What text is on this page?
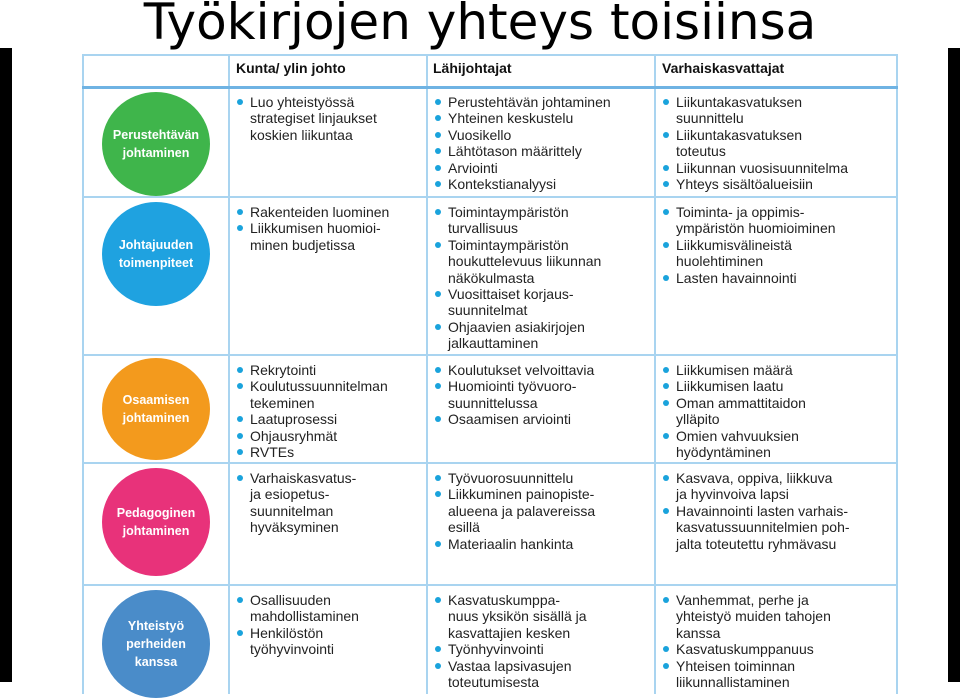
Työkirjojen yhteys toisiinsa
Kunta/ ylin johto	Lähijohtajat	Varhaiskasvattajat
Perustehtävän
johtaminen
Johtajuuden
toimenpiteet
Osaamisen
johtaminen
Pedagoginen
johtaminen
Yhteistyö
perheiden
kanssa
Luo yhteistyössä
strategiset linjaukset
koskien liikuntaa
Perustehtävän johtaminen
Yhteinen keskustelu
Vuosikello
Lähtötason määrittely
Arviointi
Kontekstianalyysi
Liikuntakasvatuksen
suunnittelu
Liikuntakasvatuksen
toteutus
Liikunnan vuosisuunnitelma
Yhteys sisältöalueisiin
Rakenteiden luominen
Liikkumisen huomioi-
minen budjetissa
Toimintaympäristön
turvallisuus
Toimintaympäristön
houkuttelevuus liikunnan
näkökulmasta
Vuosittaiset korjaus-
suunnitelmat
Ohjaavien asiakirjojen
jalkauttaminen
Toiminta- ja oppimis-
ympäristön huomioiminen
Liikkumisvälineistä
huolehtiminen
Lasten havainnointi
Rekrytointi
Koulutussuunnitelman
tekeminen
Laatuprosessi
Ohjausryhmät
RVTEs
Koulutukset velvoittavia
Huomiointi työvuoro-
suunnittelussa
Osaamisen arviointi
Liikkumisen määrä
Liikkumisen laatu
Oman ammattitaidon
ylläpito
Omien vahvuuksien
hyödyntäminen
Varhaiskasvatus-
ja esiopetus-
suunnitelman
hyväksyminen
Työvuorosuunnittelu
Liikkuminen painopiste-
alueena ja palavereissa
esillä
Materiaalin hankinta
Kasvava, oppiva, liikkuva
ja hyvinvoiva lapsi
Havainnointi lasten varhais-
kasvatussuunnitelmien poh-
jalta toteutettu ryhmävasu
Osallisuuden
mahdollistaminen
Henkilöstön
työhyvinvointi
Kasvatuskumppa-
nuus yksikön sisällä ja
kasvattajien kesken
Työnhyvinvointi
Vastaa lapsivasujen
toteutumisesta
Vanhemmat, perhe ja
yhteistyö muiden tahojen
kanssa
Kasvatuskumppanuus
Yhteisen toiminnan
liikunnallistaminen
